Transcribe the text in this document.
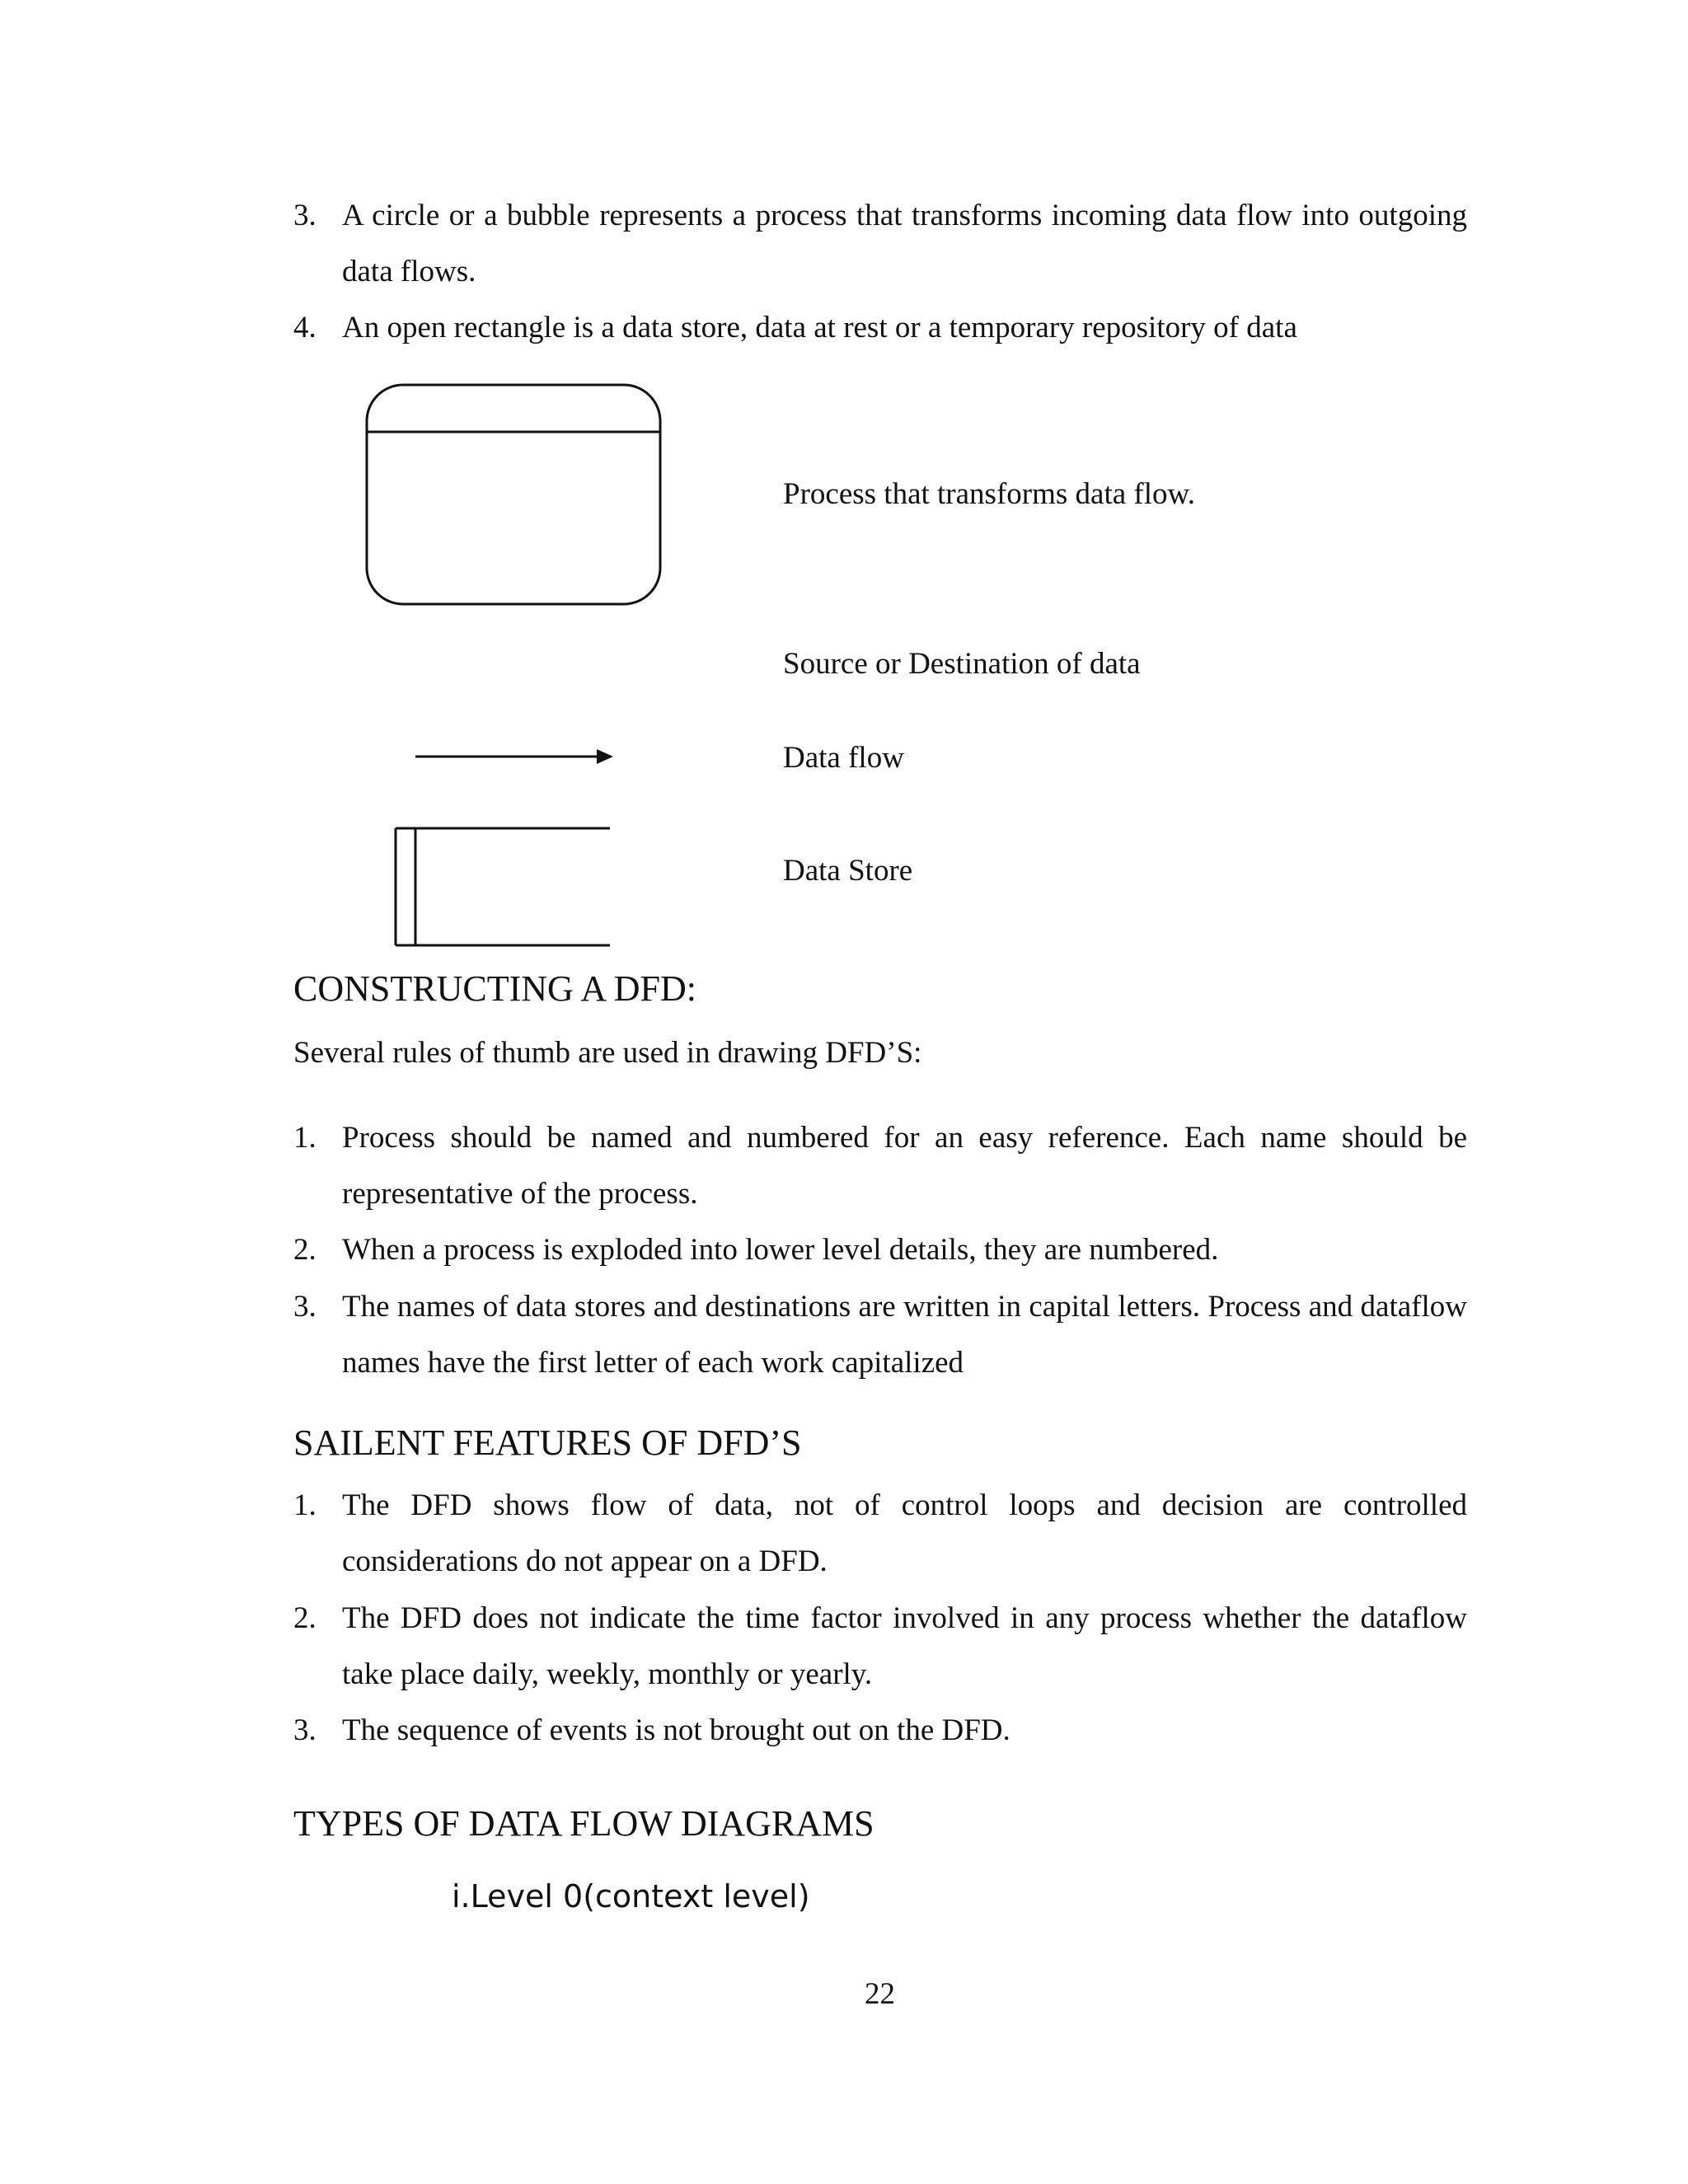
3. A circle or a bubble represents a process that transforms incoming data flow into outgoing data flows.
4. An open rectangle is a data store, data at rest or a temporary repository of data
Process that transforms data flow.
Source or Destination of data
Data flow
Data Store
CONSTRUCTING A DFD:
Several rules of thumb are used in drawing DFD’S:
1. Process should be named and numbered for an easy reference. Each name should be representative of the process.
2. When a process is exploded into lower level details, they are numbered.
3. The names of data stores and destinations are written in capital letters. Process and dataflow names have the first letter of each work capitalized
SAILENT FEATURES OF DFD’S
1. The DFD shows flow of data, not of control loops and decision are controlled considerations do not appear on a DFD.
2. The DFD does not indicate the time factor involved in any process whether the dataflow take place daily, weekly, monthly or yearly.
3. The sequence of events is not brought out on the DFD.
TYPES OF DATA FLOW DIAGRAMS
i.Level 0(context level)
22
